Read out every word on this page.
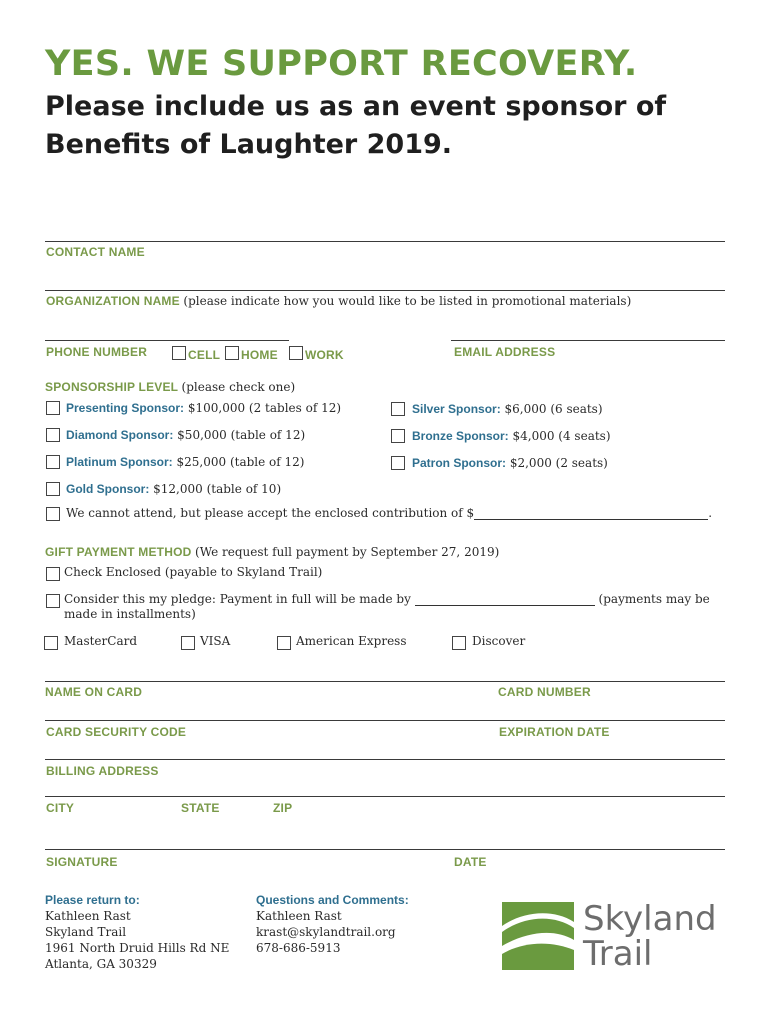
YES. WE SUPPORT RECOVERY.
Please include us as an event sponsor of
Benefits of Laughter 2019.
CONTACT NAME
ORGANIZATION NAME (please indicate how you would like to be listed in promotional materials)
PHONE NUMBER	CELL HOME WORK	EMAIL ADDRESS
SPONSORSHIP LEVEL (please check one)
Presenting Sponsor: $100,000 (2 tables of 12)
Diamond Sponsor: $50,000 (table of 12)
Platinum Sponsor: $25,000 (table of 12)
Gold Sponsor: $12,000 (table of 10)
Silver Sponsor: $6,000 (6 seats)
Bronze Sponsor: $4,000 (4 seats)
Patron Sponsor: $2,000 (2 seats)
We cannot attend, but please accept the enclosed contribution of $	.
GIFT PAYMENT METHOD (We request full payment by September 27, 2019)
Check Enclosed (payable to Skyland Trail)
Consider this my pledge: Payment in full will be made by	(payments may be
made in installments)
MasterCard	VISA	American Express	Discover
NAME ON CARD	CARD NUMBER
CARD SECURITY CODE	EXPIRATION DATE
BILLING ADDRESS
CITY	STATE	ZIP
SIGNATURE	DATE
Please return to:
Kathleen Rast
Skyland Trail
1961 North Druid Hills Rd NE
Atlanta, GA 30329
Questions and Comments:
Kathleen Rast
krast@skylandtrail.org
678-686-5913
Skyland
Trail
